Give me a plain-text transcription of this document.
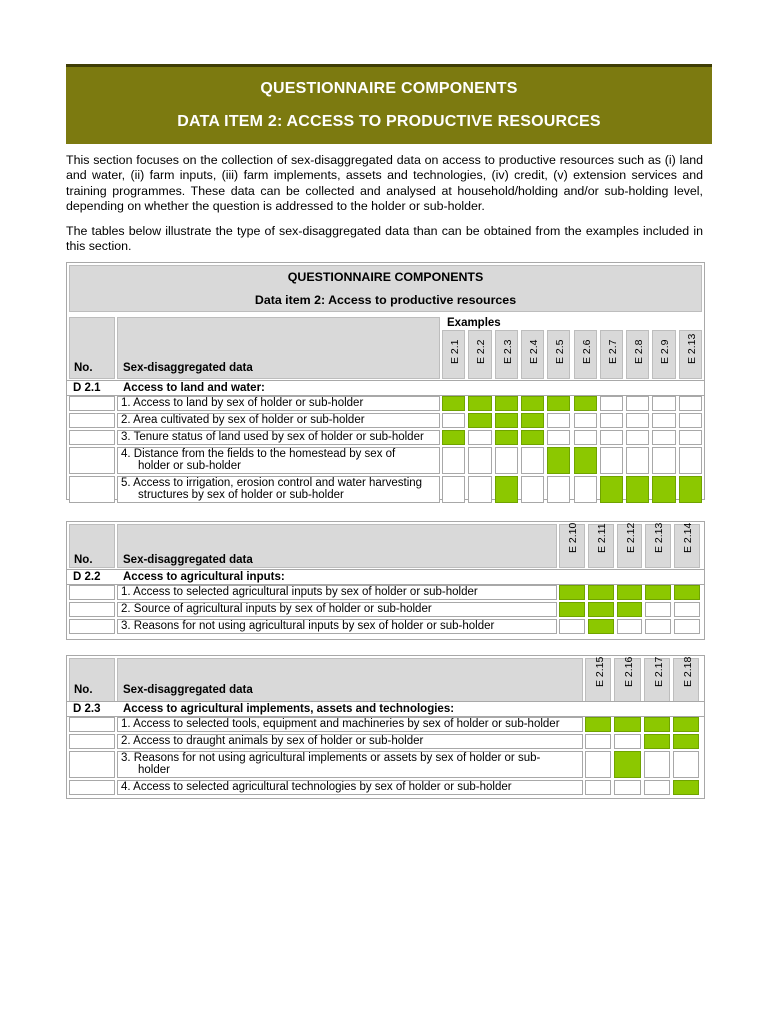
QUESTIONNAIRE COMPONENTS
DATA ITEM 2: ACCESS TO PRODUCTIVE RESOURCES
This section focuses on the collection of sex-disaggregated data on access to productive resources such as (i) land and water, (ii) farm inputs, (iii) farm implements, assets and technologies, (iv) credit, (v) extension services and training programmes. These data can be collected and analysed at household/holding and/or sub-holding level, depending on whether the question is addressed to the holder or sub-holder.
The tables below illustrate the type of sex-disaggregated data than can be obtained from the examples included in this section.
QUESTIONNAIRE COMPONENTS
Data item 2: Access to productive resources
No.	Sex-disaggregated data
Examples
E 2.1 E 2.2 E 2.3 E 2.4 E 2.5 E 2.6 E 2.7 E 2.8 E 2.9 E 2.13
D 2.1 Access to land and water:
1. Access to land by sex of holder or sub-holder
2. Area cultivated by sex of holder or sub-holder
3. Tenure status of land used by sex of holder or sub-holder
4. Distance from the fields to the homestead by sex of
holder or sub-holder
5. Access to irrigation, erosion control and water harvesting
structures by sex of holder or sub-holder
No.	Sex-disaggregated data
E 2.10 E 2.11 E 2.12 E 2.13 E 2.14
D 2.2 Access to agricultural inputs:
1. Access to selected agricultural inputs by sex of holder or sub-holder
2. Source of agricultural inputs by sex of holder or sub-holder
3. Reasons for not using agricultural inputs by sex of holder or sub-holder
No.	Sex-disaggregated data
E 2.15 E 2.16 E 2.17 E 2.18
D 2.3 Access to agricultural implements, assets and technologies:
1. Access to selected tools, equipment and machineries by sex of holder or sub-holder
2. Access to draught animals by sex of holder or sub-holder
3. Reasons for not using agricultural implements or assets by sex of holder or sub-
holder
4. Access to selected agricultural technologies by sex of holder or sub-holder
